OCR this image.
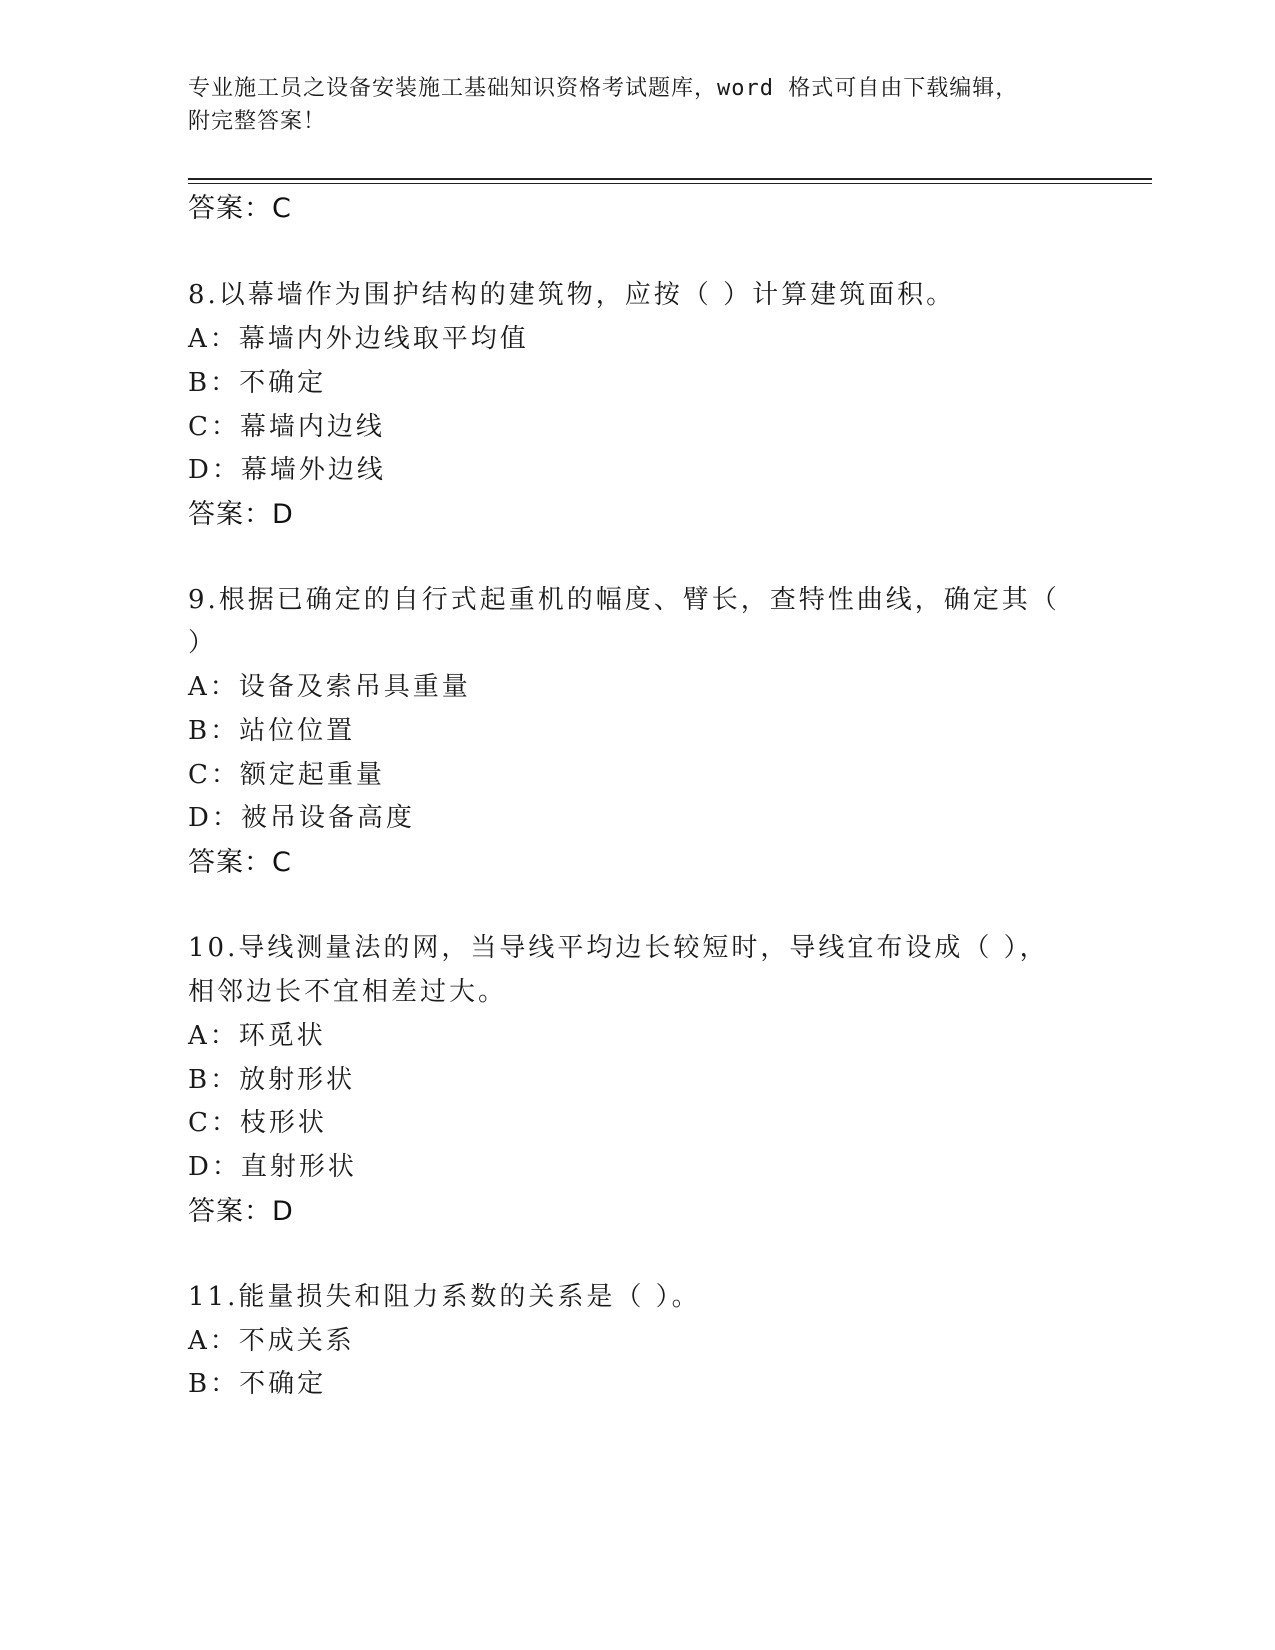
专业施工员之设备安装施工基础知识资格考试题库，word 格式可自由下载编辑，
附完整答案！
答案：C
8.以幕墙作为围护结构的建筑物，应按（ ）计算建筑面积。
A：幕墙内外边线取平均值
B：不确定
C：幕墙内边线
D：幕墙外边线
答案：D
9.根据已确定的自行式起重机的幅度、臂长，查特性曲线，确定其（
）
A：设备及索吊具重量
B：站位位置
C：额定起重量
D：被吊设备高度
答案：C
10.导线测量法的网，当导线平均边长较短时，导线宜布设成（ ），
相邻边长不宜相差过大。
A：环觅状
B：放射形状
C：枝形状
D：直射形状
答案：D
11.能量损失和阻力系数的关系是（ ）。
A：不成关系
B：不确定
